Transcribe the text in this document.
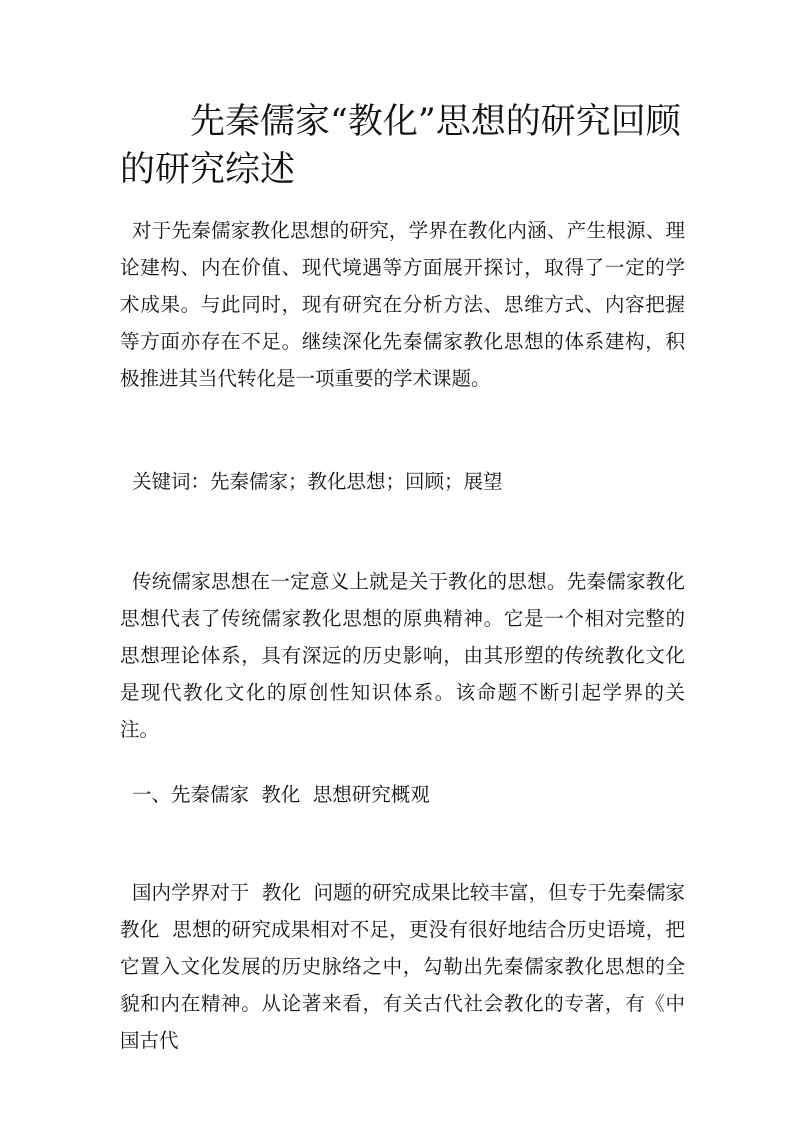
先秦儒家“教化”思想的研究回顾的研究综述

对于先秦儒家教化思想的研究，学界在教化内涵、产生根源、理论建构、内在价值、现代境遇等方面展开探讨，取得了一定的学术成果。与此同时，现有研究在分析方法、思维方式、内容把握等方面亦存在不足。继续深化先秦儒家教化思想的体系建构，积极推进其当代转化是一项重要的学术课题。

关键词：先秦儒家；教化思想；回顾；展望

传统儒家思想在一定意义上就是关于教化的思想。先秦儒家教化思想代表了传统儒家教化思想的原典精神。它是一个相对完整的思想理论体系，具有深远的历史影响，由其形塑的传统教化文化是现代教化文化的原创性知识体系。该命题不断引起学界的关注。

一、先秦儒家  教化  思想研究概观

国内学界对于  教化  问题的研究成果比较丰富，但专于先秦儒家  教化  思想的研究成果相对不足，更没有很好地结合历史语境，把它置入文化发展的历史脉络之中，勾勒出先秦儒家教化思想的全貌和内在精神。从论著来看，有关古代社会教化的专著，有《中国古代
